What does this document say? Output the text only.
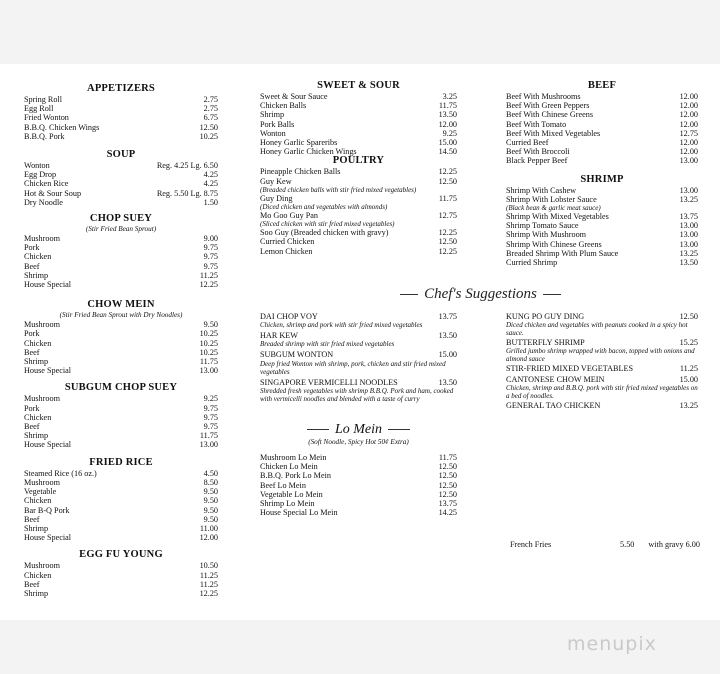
APPETIZERS
Spring Roll	2.75
Egg Roll	2.75
Fried Wonton	6.75
B.B.Q. Chicken Wings	12.50
B.B.Q. Pork	10.25
SOUP
Wonton	Reg. 4.25 Lg. 6.50
Egg Drop	4.25
Chicken Rice	4.25
Hot & Sour Soup	Reg. 5.50 Lg. 8.75
Dry Noodle	1.50
CHOP SUEY
(Stir Fried Bean Sprout)
Mushroom	9.00
Pork	9.75
Chicken	9.75
Beef	9.75
Shrimp	11.25
House Special	12.25
CHOW MEIN
(Stir Fried Bean Sprout with Dry Noodles)
Mushroom	9.50
Pork	10.25
Chicken	10.25
Beef	10.25
Shrimp	11.75
House Special	13.00
SUBGUM CHOP SUEY
Mushroom	9.25
Pork	9.75
Chicken	9.75
Beef	9.75
Shrimp	11.75
House Special	13.00
FRIED RICE
Steamed Rice (16 oz.)	4.50
Mushroom	8.50
Vegetable	9.50
Chicken	9.50
Bar B-Q Pork	9.50
Beef	9.50
Shrimp	11.00
House Special	12.00
EGG FU YOUNG
Mushroom	10.50
Chicken	11.25
Beef	11.25
Shrimp	12.25
SWEET & SOUR
Sweet & Sour Sauce	3.25
Chicken Balls	11.75
Shrimp	13.50
Pork Balls	12.00
Wonton	9.25
Honey Garlic Spareribs	15.00
Honey Garlic Chicken Wings	14.50
POULTRY
Pineapple Chicken Balls	12.25
Guy Kew	12.50
(Breaded chicken balls with stir fried mixed vegetables)
Guy Ding	11.75
(Diced chicken and vegetables with almonds)
Mo Goo Guy Pan	12.75
(Sliced chicken with stir fried mixed vegetables)
Soo Guy (Breaded chicken with gravy)	12.25
Curried Chicken	12.50
Lemon Chicken	12.25
BEEF
Beef With Mushrooms	12.00
Beef With Green Peppers	12.00
Beef With Chinese Greens	12.00
Beef With Tomato	12.00
Beef With Mixed Vegetables	12.75
Curried Beef	12.00
Beef With Broccoli	12.00
Black Pepper Beef	13.00
SHRIMP
Shrimp With Cashew	13.00
Shrimp With Lobster Sauce	13.25
(Black bean & garlic meat sauce)
Shrimp With Mixed Vegetables	13.75
Shrimp Tomato Sauce	13.00
Shrimp With Mushroom	13.00
Shrimp With Chinese Greens	13.00
Breaded Shrimp With Plum Sauce	13.25
Curried Shrimp	13.50
Chef's Suggestions
DAI CHOP VOY	13.75
Chicken, shrimp and pork with stir fried mixed vegetables
HAR KEW	13.50
Breaded shrimp with stir fried mixed vegetables
SUBGUM WONTON	15.00
Deep fried Wonton with shrimp, pork, chicken and stir fried mixed vegetables
SINGAPORE VERMICELLI NOODLES	13.50
Shredded fresh vegetables with shrimp B.B.Q. Pork and ham, cooked with vermicelli noodles and blended with a taste of curry
KUNG PO GUY DING	12.50
Diced chicken and vegetables with peanuts cooked in a spicy hot sauce.
BUTTERFLY SHRIMP	15.25
Grilled jumbo shrimp wrapped with bacon, topped with onions and almond sauce
STIR-FRIED MIXED VEGETABLES	11.25
CANTONESE CHOW MEIN	15.00
Chicken, shrimp and B.B.Q. pork with stir fried mixed vegetables on a bed of noodles.
GENERAL TAO CHICKEN	13.25
Lo Mein
(Soft Noodle, Spicy Hot 50¢ Extra)
Mushroom Lo Mein	11.75
Chicken Lo Mein	12.50
B.B.Q. Pork Lo Mein	12.50
Beef Lo Mein	12.50
Vegetable Lo Mein	12.50
Shrimp Lo Mein	13.75
House Special Lo Mein	14.25
French Fries	5.50 with gravy 6.00
menupix
